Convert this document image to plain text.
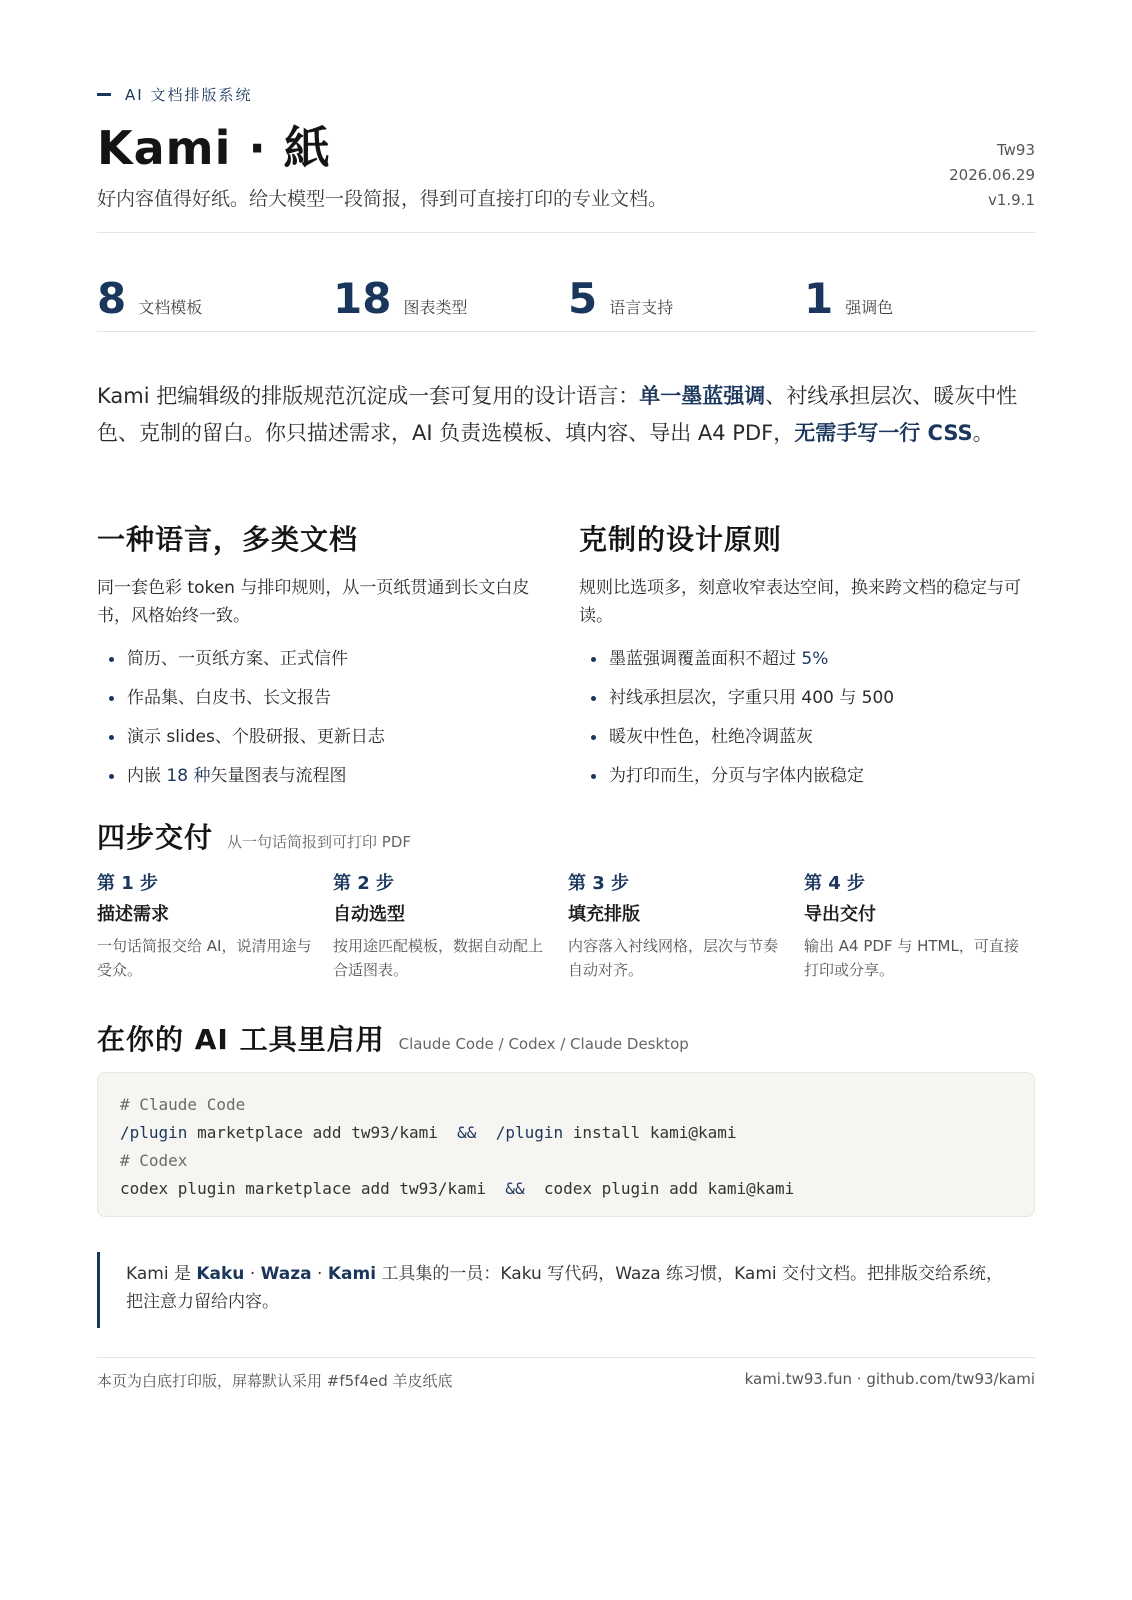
AI 文档排版系统
Kami · 紙
好内容值得好纸。给大模型一段简报，得到可直接打印的专业文档。
Tw93
2026.06.29
v1.9.1
8 文档模板	18 图表类型 5 语言支持	1 强调色

Kami 把编辑级的排版规范沉淀成一套可复用的设计语言：单一墨蓝强调、衬线承担层次、暖灰中性色、克制的留白。你只描述需求，AI 负责选模板、填内容、导出 A4 PDF，无需手写一行 CSS。

一种语言，多类文档

同一套色彩 token 与排印规则，从一页纸贯通到长文白皮书，风格始终一致。

简历、一页纸方案、正式信件
作品集、白皮书、长文报告
演示 slides、个股研报、更新日志
内嵌 18 种矢量图表与流程图
克制的设计原则

规则比选项多，刻意收窄表达空间，换来跨文档的稳定与可读。

墨蓝强调覆盖面积不超过 5%
衬线承担层次，字重只用 400 与 500
暖灰中性色，杜绝冷调蓝灰
为打印而生，分页与字体内嵌稳定
四步交付 从一句话简报到可打印 PDF
第 1 步
描述需求
一句话简报交给 AI，说清用途与受众。
第 2 步
自动选型
按用途匹配模板，数据自动配上合适图表。
第 3 步
填充排版
内容落入衬线网格，层次与节奏自动对齐。
第 4 步
导出交付
输出 A4 PDF 与 HTML，可直接打印或分享。
在你的 AI 工具里启用 Claude Code / Codex / Claude Desktop
# Claude Code
/plugin marketplace add tw93/kami  &&  /plugin install kami@kami
# Codex
codex plugin marketplace add tw93/kami  &&  codex plugin add kami@kami
Kami 是 Kaku · Waza · Kami 工具集的一员：Kaku 写代码，Waza 练习惯，Kami 交付文档。把排版交给系统，把注意力留给内容。
本页为白底打印版，屏幕默认采用 #f5f4ed 羊皮纸底	kami.tw93.fun · github.com/tw93/kami
